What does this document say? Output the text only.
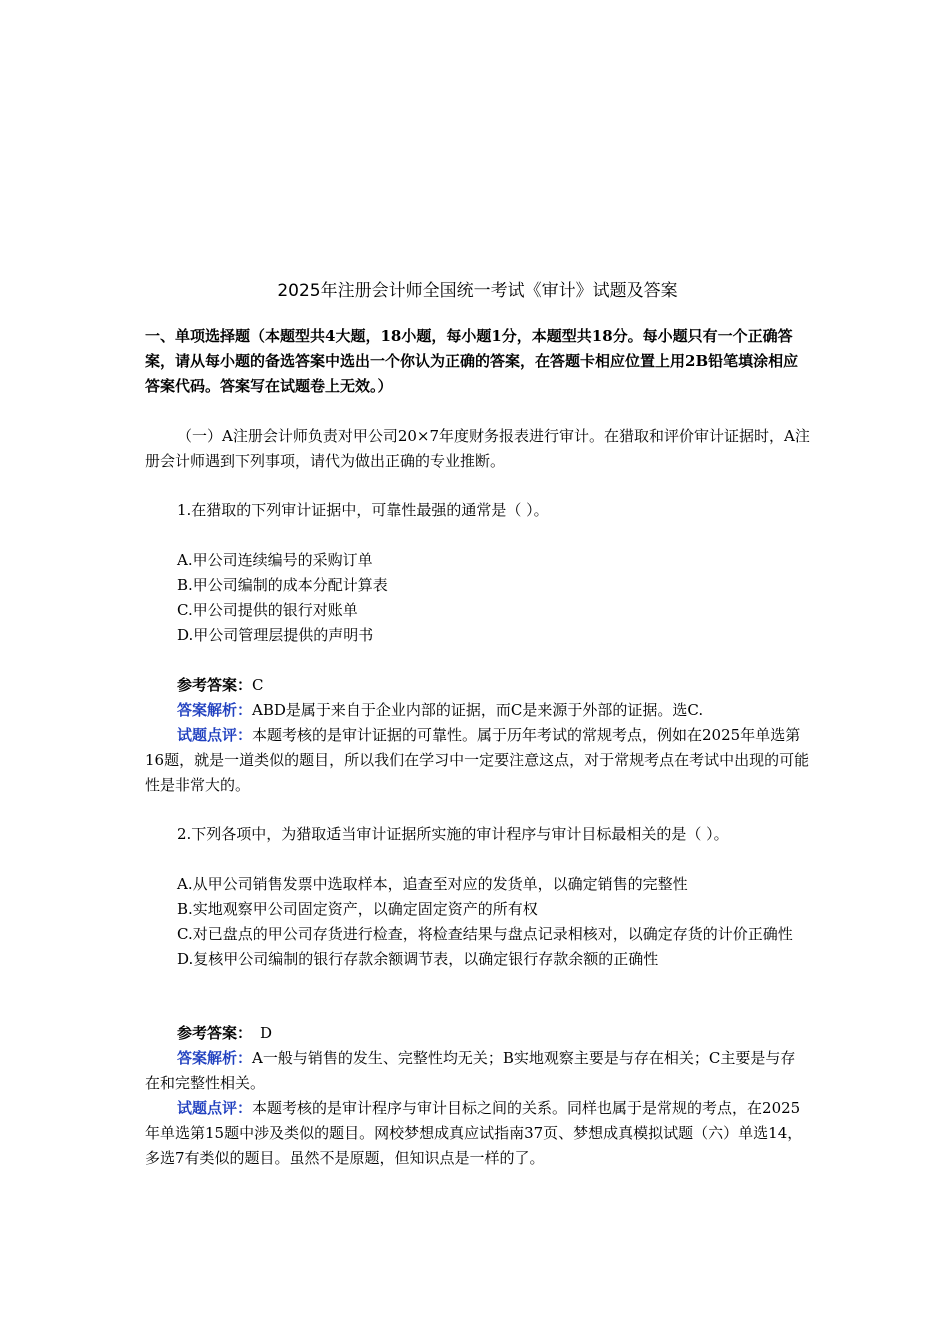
2025年注册会计师全国统一考试《审计》试题及答案
一、单项选择题（本题型共4大题，18小题，每小题1分，本题型共18分。每小题只有一个正确答案，请从每小题的备选答案中选出一个你认为正确的答案，在答题卡相应位置上用2B铅笔填涂相应答案代码。答案写在试题卷上无效。）
（一）A注册会计师负责对甲公司20×7年度财务报表进行审计。在猎取和评价审计证据时，A注册会计师遇到下列事项，请代为做出正确的专业推断。
1.在猎取的下列审计证据中，可靠性最强的通常是（ ）。

A.甲公司连续编号的采购订单

B.甲公司编制的成本分配计算表

C.甲公司提供的银行对账单

D.甲公司管理层提供的声明书

参考答案：C

答案解析：ABD是属于来自于企业内部的证据，而C是来源于外部的证据。选C.

试题点评：本题考核的是审计证据的可靠性。属于历年考试的常规考点，例如在2025年单选第16题，就是一道类似的题目，所以我们在学习中一定要注意这点，对于常规考点在考试中出现的可能性是非常大的。

2.下列各项中，为猎取适当审计证据所实施的审计程序与审计目标最相关的是（ ）。

A.从甲公司销售发票中选取样本，追查至对应的发货单，以确定销售的完整性

B.实地观察甲公司固定资产，以确定固定资产的所有权

C.对已盘点的甲公司存货进行检查，将检查结果与盘点记录相核对，以确定存货的计价正确性

D.复核甲公司编制的银行存款余额调节表，以确定银行存款余额的正确性

参考答案： D

答案解析：A一般与销售的发生、完整性均无关；B实地观察主要是与存在相关；C主要是与存在和完整性相关。

试题点评：本题考核的是审计程序与审计目标之间的关系。同样也属于是常规的考点，在2025年单选第15题中涉及类似的题目。网校梦想成真应试指南37页、梦想成真模拟试题（六）单选14，多选7有类似的题目。虽然不是原题，但知识点是一样的了。
